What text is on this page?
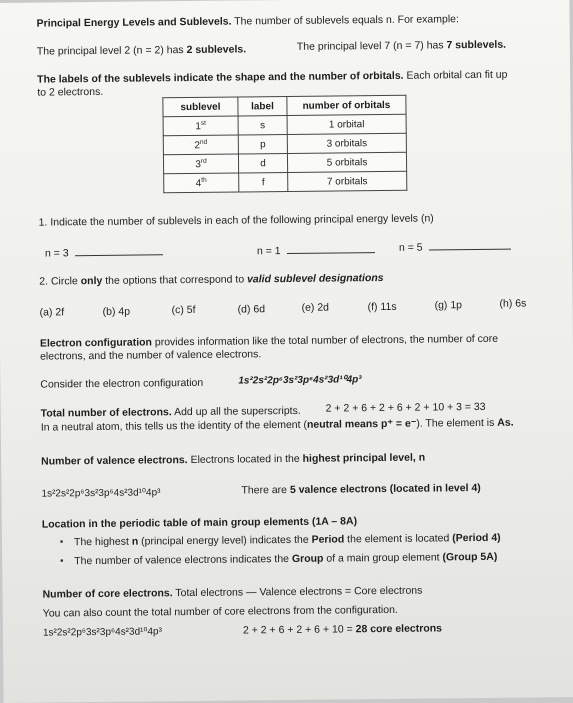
Principal Energy Levels and Sublevels. The number of sublevels equals n. For example:
The principal level 2 (n = 2) has 2 sublevels.	The principal level 7 (n = 7) has 7 sublevels.
The labels of the sublevels indicate the shape and the number of orbitals. Each orbital can fit up
to 2 electrons.
sublevel	label	number of orbitals
1st	s	1 orbital
2nd	p	3 orbitals
3rd	d	5 orbitals
4th	f	7 orbitals
1. Indicate the number of sublevels in each of the following principal energy levels (n)
n = 3	n = 1	n = 5
2. Circle only the options that correspond to valid sublevel designations
(a) 2f	(b) 4p	(c) 5f	(d) 6d	(e) 2d	(f) 11s	(g) 1p	(h) 6s
Electron configuration provides information like the total number of electrons, the number of core
electrons, and the number of valence electrons.
Consider the electron configuration	1s²2s²2p⁶3s²3p⁶4s²3d¹⁰4p³
Total number of electrons. Add up all the superscripts. 2 + 2 + 6 + 2 + 6 + 2 + 10 + 3 = 33
In a neutral atom, this tells us the identity of the element (neutral means p⁺ = e⁻). The element is As.
Number of valence electrons. Electrons located in the highest principal level, n
1s²2s²2p⁶3s²3p⁶4s²3d¹⁰4p³	There are 5 valence electrons (located in level 4)
Location in the periodic table of main group elements (1A – 8A)
▪ The highest n (principal energy level) indicates the Period the element is located (Period 4)
▪ The number of valence electrons indicates the Group of a main group element (Group 5A)
Number of core electrons. Total electrons — Valence electrons = Core electrons
You can also count the total number of core electrons from the configuration.
1s²2s²2p⁶3s²3p⁶4s²3d¹⁰4p³	2 + 2 + 6 + 2 + 6 + 10 = 28 core electrons
